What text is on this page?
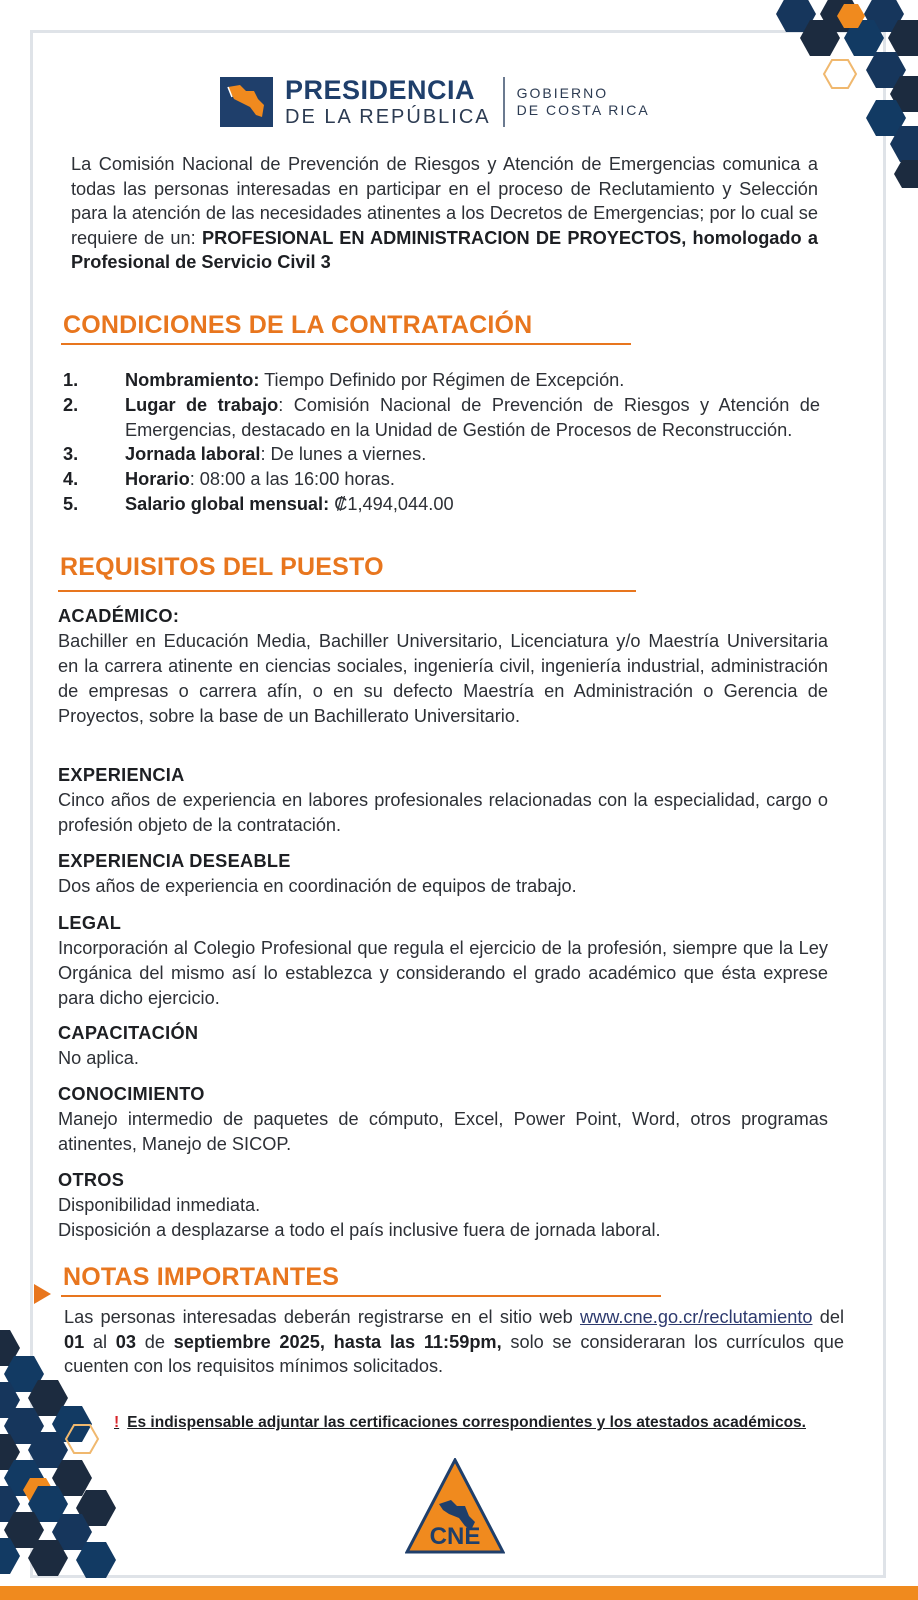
PRESIDENCIA
DE LA REPÚBLICA
GOBIERNO
DE COSTA RICA
La Comisión Nacional de Prevención de Riesgos y Atención de Emergencias comunica a todas las personas interesadas en participar en el proceso de Reclutamiento y Selección para la atención de las necesidades atinentes a los Decretos de Emergencias; por lo cual se requiere de un: PROFESIONAL EN ADMINISTRACION DE PROYECTOS, homologado a Profesional de Servicio Civil 3
CONDICIONES DE LA CONTRATACIÓN
1.	Nombramiento: Tiempo Definido por Régimen de Excepción.
2.	Lugar de trabajo: Comisión Nacional de Prevención de Riesgos y Atención de Emergencias, destacado en la Unidad de Gestión de Procesos de Reconstrucción.
3.	Jornada laboral: De lunes a viernes.
4.	Horario: 08:00 a las 16:00 horas.
5.	Salario global mensual: ₡1,494,044.00
REQUISITOS DEL PUESTO
ACADÉMICO:

Bachiller en Educación Media, Bachiller Universitario, Licenciatura y/o Maestría Universitaria en la carrera atinente en ciencias sociales, ingeniería civil, ingeniería industrial, administración de empresas o carrera afín, o en su defecto Maestría en Administración o Gerencia de Proyectos, sobre la base de un Bachillerato Universitario.

EXPERIENCIA

Cinco años de experiencia en labores profesionales relacionadas con la especialidad, cargo o profesión objeto de la contratación.

EXPERIENCIA DESEABLE

Dos años de experiencia en coordinación de equipos de trabajo.

LEGAL

Incorporación al Colegio Profesional que regula el ejercicio de la profesión, siempre que la Ley Orgánica del mismo así lo establezca y considerando el grado académico que ésta exprese para dicho ejercicio.

CAPACITACIÓN

No aplica.

CONOCIMIENTO

Manejo intermedio de paquetes de cómputo, Excel, Power Point, Word, otros programas atinentes, Manejo de SICOP.

OTROS

Disponibilidad inmediata.

Disposición a desplazarse a todo el país inclusive fuera de jornada laboral.

NOTAS IMPORTANTES
Las personas interesadas deberán registrarse en el sitio web www.cne.go.cr/reclutamiento del 01 al 03 de septiembre 2025, hasta las 11:59pm, solo se consideraran los currículos que cuenten con los requisitos mínimos solicitados.
! Es indispensable adjuntar las certificaciones correspondientes y los atestados académicos.
CNE
